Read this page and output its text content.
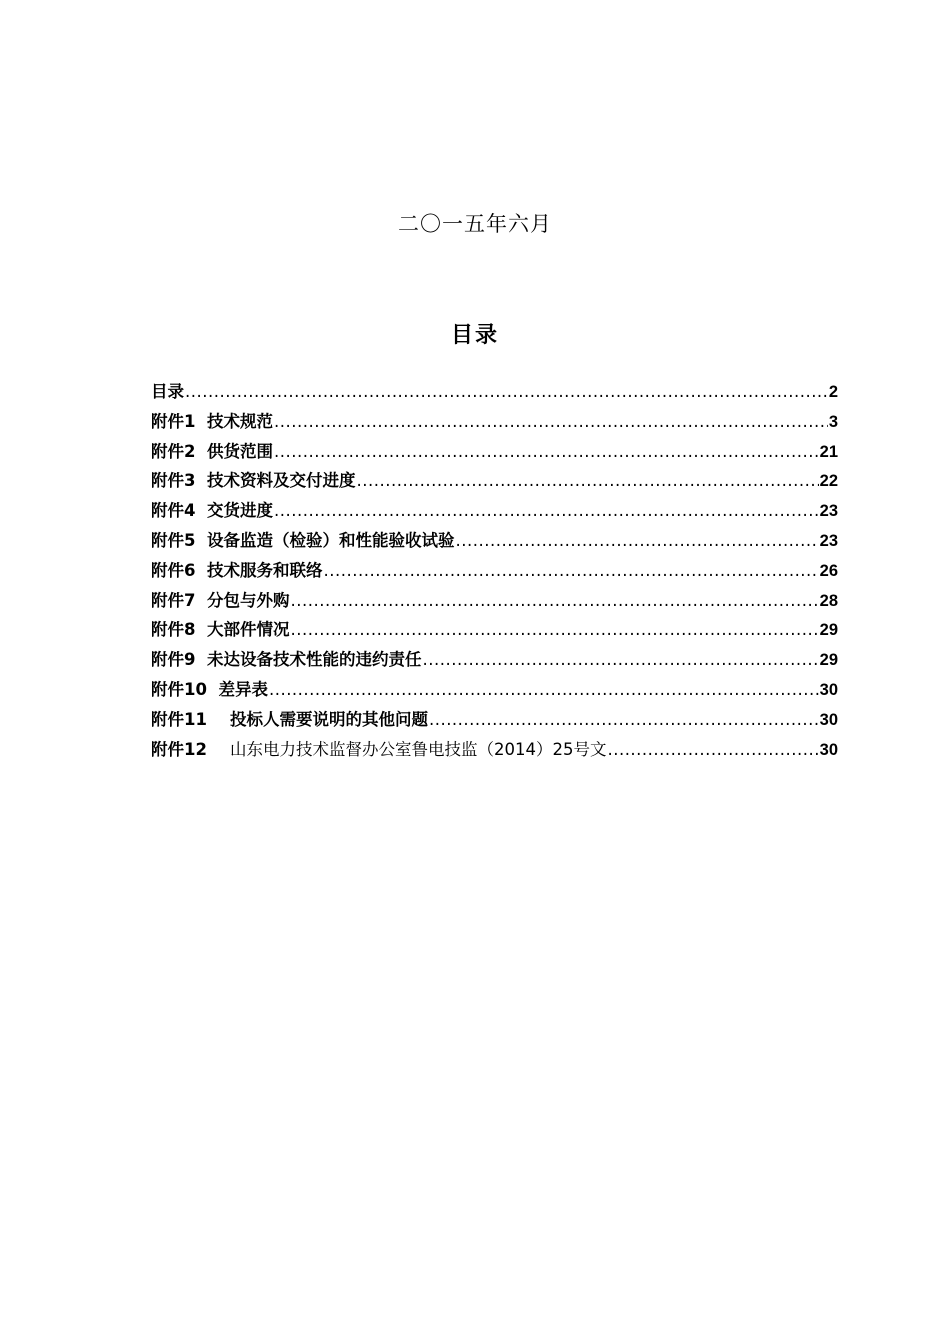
二〇一五年六月
目录
目录 .....	2
附件1 技术规范 .....	3
附件2 供货范围 .....	21
附件3 技术资料及交付进度 .....	22
附件4 交货进度 .....	23
附件5 设备监造（检验）和性能验收试验 .....	23
附件6 技术服务和联络 .....	26
附件7 分包与外购 .....	28
附件8 大部件情况 .....	29
附件9 未达设备技术性能的违约责任 .....	29
附件10 差异表 .....	30
附件11 投标人需要说明的其他问题 .....	30
附件12 山东电力技术监督办公室鲁电技监（2014）25号文 .....	30
